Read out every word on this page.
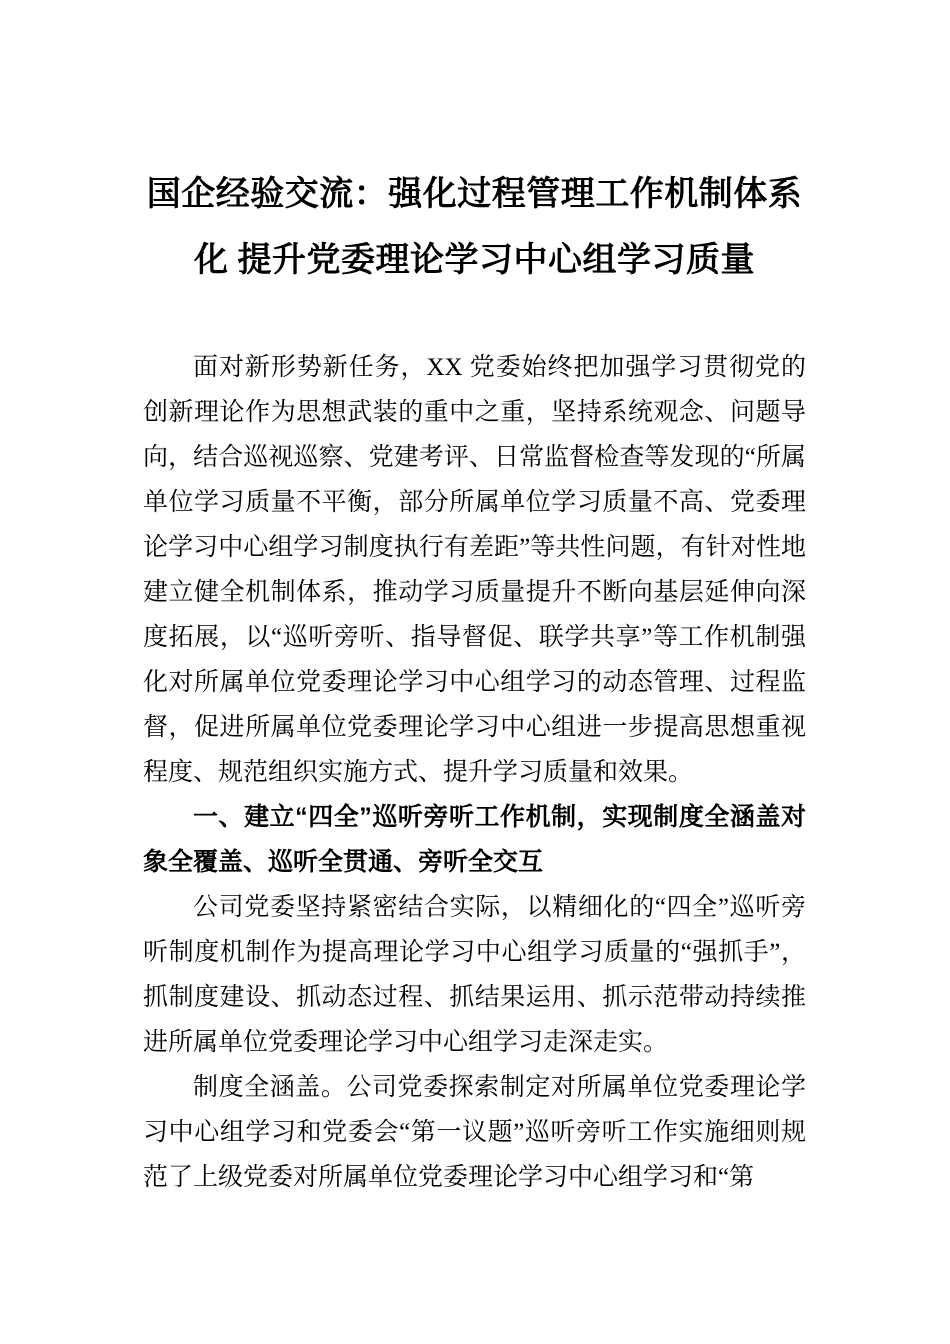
国企经验交流：强化过程管理工作机制体系化 提升党委理论学习中心组学习质量

面对新形势新任务，XX 党委始终把加强学习贯彻党的创新理论作为思想武装的重中之重，坚持系统观念、问题导向，结合巡视巡察、党建考评、日常监督检查等发现的“所属单位学习质量不平衡，部分所属单位学习质量不高、党委理论学习中心组学习制度执行有差距”等共性问题，有针对性地建立健全机制体系，推动学习质量提升不断向基层延伸向深度拓展，以“巡听旁听、指导督促、联学共享”等工作机制强化对所属单位党委理论学习中心组学习的动态管理、过程监督，促进所属单位党委理论学习中心组进一步提高思想重视程度、规范组织实施方式、提升学习质量和效果。

一、建立“四全”巡听旁听工作机制，实现制度全涵盖对象全覆盖、巡听全贯通、旁听全交互

公司党委坚持紧密结合实际，以精细化的“四全”巡听旁听制度机制作为提高理论学习中心组学习质量的“强抓手”，抓制度建设、抓动态过程、抓结果运用、抓示范带动持续推进所属单位党委理论学习中心组学习走深走实。

制度全涵盖。公司党委探索制定对所属单位党委理论学习中心组学习和党委会“第一议题”巡听旁听工作实施细则规范了上级党委对所属单位党委理论学习中心组学习和“第
